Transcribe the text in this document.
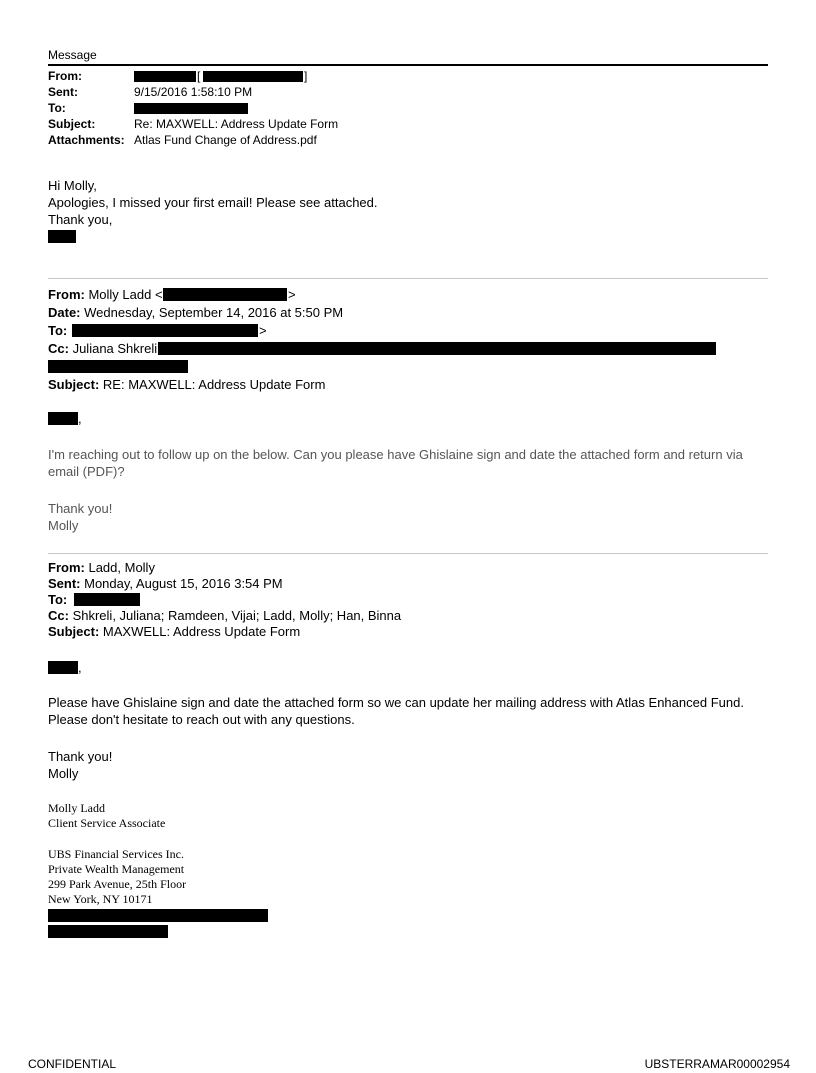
Message
From:	[	]
Sent:	9/15/2016 1:58:10 PM
To:
Subject:	Re: MAXWELL: Address Update Form
Attachments: Atlas Fund Change of Address.pdf
Hi Molly,
Apologies, I missed your first email! Please see attached.
Thank you,
From: Molly Ladd <	>
Date: Wednesday, September 14, 2016 at 5:50 PM
To:	>
Cc: Juliana Shkreli
Subject: RE: MAXWELL: Address Update Form
,
I'm reaching out to follow up on the below. Can you please have Ghislaine sign and date the attached form and return via email (PDF)?
Thank you!
Molly
From: Ladd, Molly
Sent: Monday, August 15, 2016 3:54 PM
To:
Cc: Shkreli, Juliana; Ramdeen, Vijai; Ladd, Molly; Han, Binna
Subject: MAXWELL: Address Update Form
,
Please have Ghislaine sign and date the attached form so we can update her mailing address with Atlas Enhanced Fund.
Please don't hesitate to reach out with any questions.
Thank you!
Molly
Molly Ladd
Client Service Associate
UBS Financial Services Inc.
Private Wealth Management
299 Park Avenue, 25th Floor
New York, NY 10171
CONFIDENTIAL	UBSTERRAMAR00002954
